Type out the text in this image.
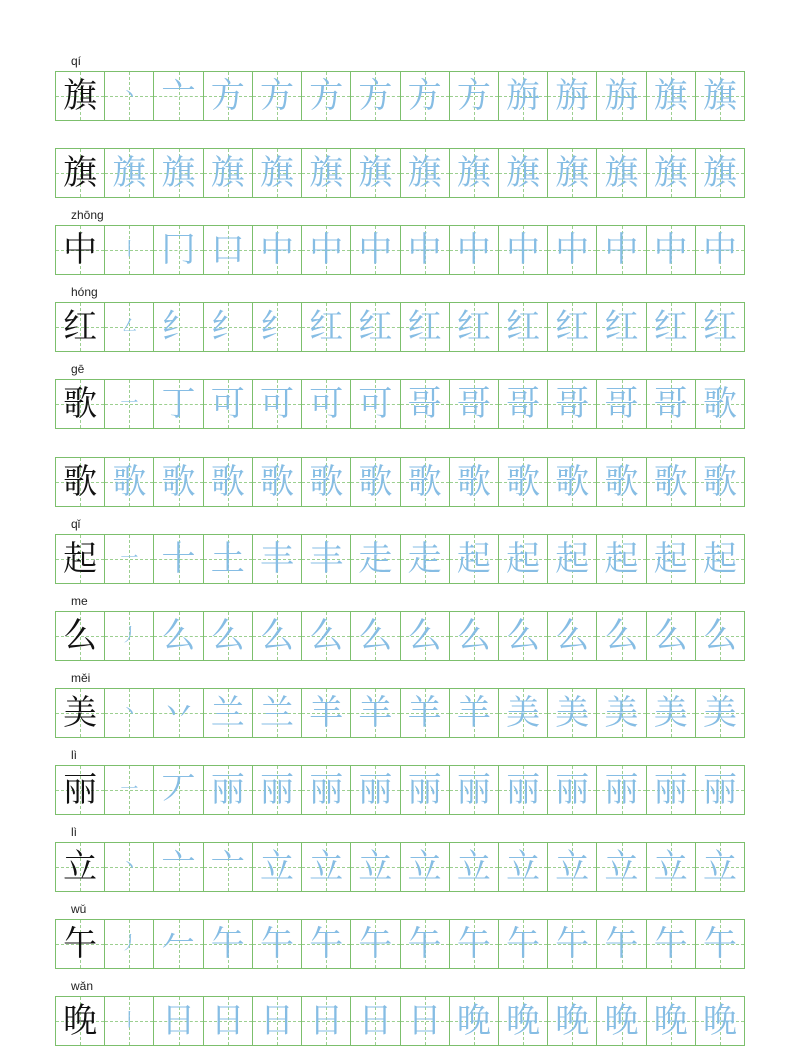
qí
旗	丶 亠 方 方 方 方 方 方 旃 旃 旃 旗 旗
旗 旗 旗 旗 旗 旗 旗 旗 旗 旗 旗 旗 旗 旗
zhōng
中	丨 冂 口 中 中 中 中 中 中 中 中 中 中
hóng
红	㇜ 纟 纟 纟 红 红 红 红 红 红 红 红 红
gē
歌	一 丁 可 可 可 可 哥 哥 哥 哥 哥 哥 歌
歌 歌 歌 歌 歌 歌 歌 歌 歌 歌 歌 歌 歌 歌
qǐ
起	一 十 土 丰 丰 走 走 起 起 起 起 起 起
me
么	丿 么 么 么 么 么 么 么 么 么 么 么 么
měi
美	丶 丷 兰 兰 羊 羊 羊 羊 美 美 美 美 美
lì
丽	一 丆 丽 丽 丽 丽 丽 丽 丽 丽 丽 丽 丽
lì
立	丶 亠 亠 立 立 立 立 立 立 立 立 立 立
wǔ
午	丿 𠂉 午 午 午 午 午 午 午 午 午 午 午
wǎn
晚	丨 日 日 日 日 日 日 晚 晚 晚 晚 晚 晚
